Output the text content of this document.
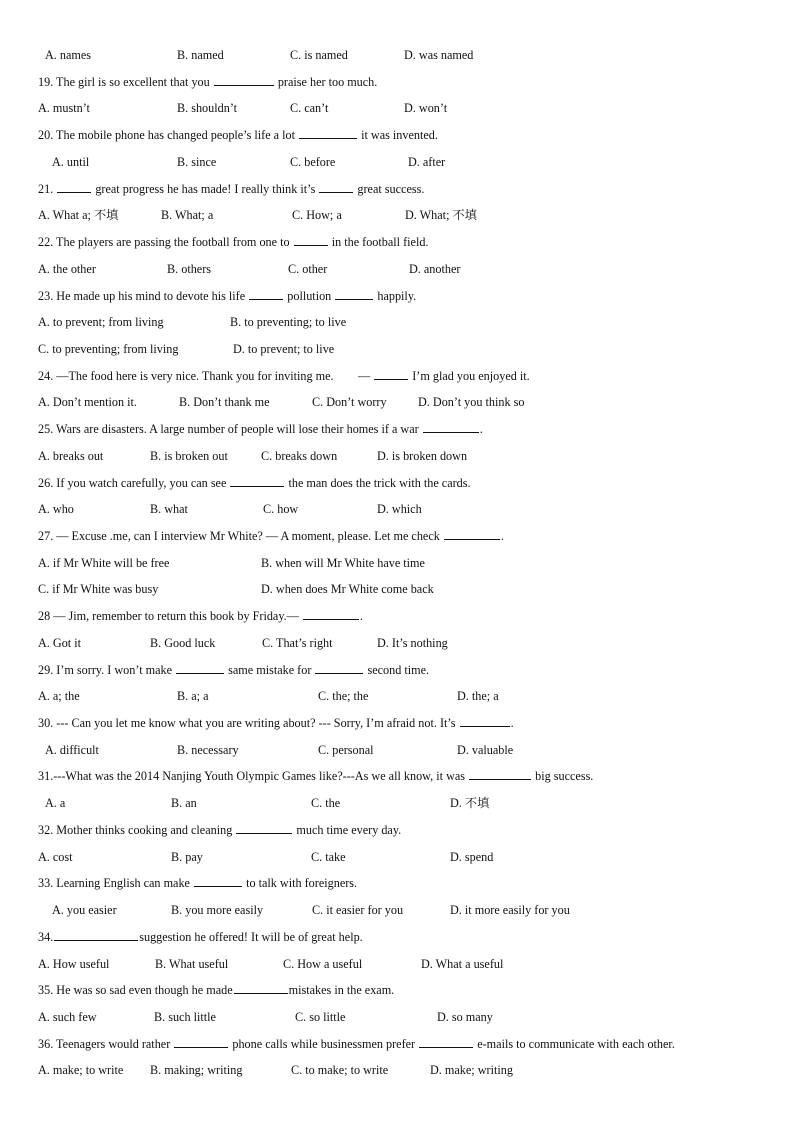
A. names	B. named	C. is named	D. was named
19. The girl is so excellent that you	praise her too much.
A. mustn’t	B. shouldn’t	C. can’t	D. won’t
20. The mobile phone has changed people’s life a lot	it was invented.
A. until	B. since	C. before	D. after
21.	great progress he has made! I really think it’s	great success.
A. What a; 不填	B. What; a	C. How; a	D. What; 不填
22. The players are passing the football from one to	in the football field.
A. the other	B. others	C. other	D. another
23. He made up his mind to devote his life	pollution	happily.
A. to prevent; from living	B. to preventing; to live
C. to preventing; from living	D. to prevent; to live
24. —The food here is very nice. Thank you for inviting me.        —	I’m glad you enjoyed it.
A. Don’t mention it.	B. Don’t thank me	C. Don’t worry	D. Don’t you think so
25. Wars are disasters. A large number of people will lose their homes if a war	.
A. breaks out	B. is broken out	C. breaks down	D. is broken down
26. If you watch carefully, you can see	the man does the trick with the cards.
A. who	B. what	C. how	D. which
27. — Excuse .me, can I interview Mr White? — A moment, please. Let me check	.
A. if Mr White will be free	B. when will Mr White have time
C. if Mr White was busy	D. when does Mr White come back
28 — Jim, remember to return this book by Friday.—	.
A. Got it	B. Good luck	C. That’s right	D. It’s nothing
29. I’m sorry. I won’t make	same mistake for	second time.
A. a; the	B. a; a	C. the; the	D. the; a
30. --- Can you let me know what you are writing about? --- Sorry, I’m afraid not. It’s	.
A. difficult	B. necessary	C. personal	D. valuable
31.---What was the 2014 Nanjing Youth Olympic Games like?---As we all know, it was	big success.
A. a	B. an	C. the	D. 不填
32. Mother thinks cooking and cleaning	much time every day.
A. cost	B. pay	C. take	D. spend
33. Learning English can make	to talk with foreigners.
A. you easier	B. you more easily	C. it easier for you	D. it more easily for you
34.	suggestion he offered! It will be of great help.
A. How useful	B. What useful	C. How a useful	D. What a useful
35. He was so sad even though he made	mistakes in the exam.
A. such few	B. such little	C. so little	D. so many
36. Teenagers would rather	phone calls while businessmen prefer	e-mails to communicate with each other.
A. make; to write B. making; writing	C. to make; to write	D. make; writing
